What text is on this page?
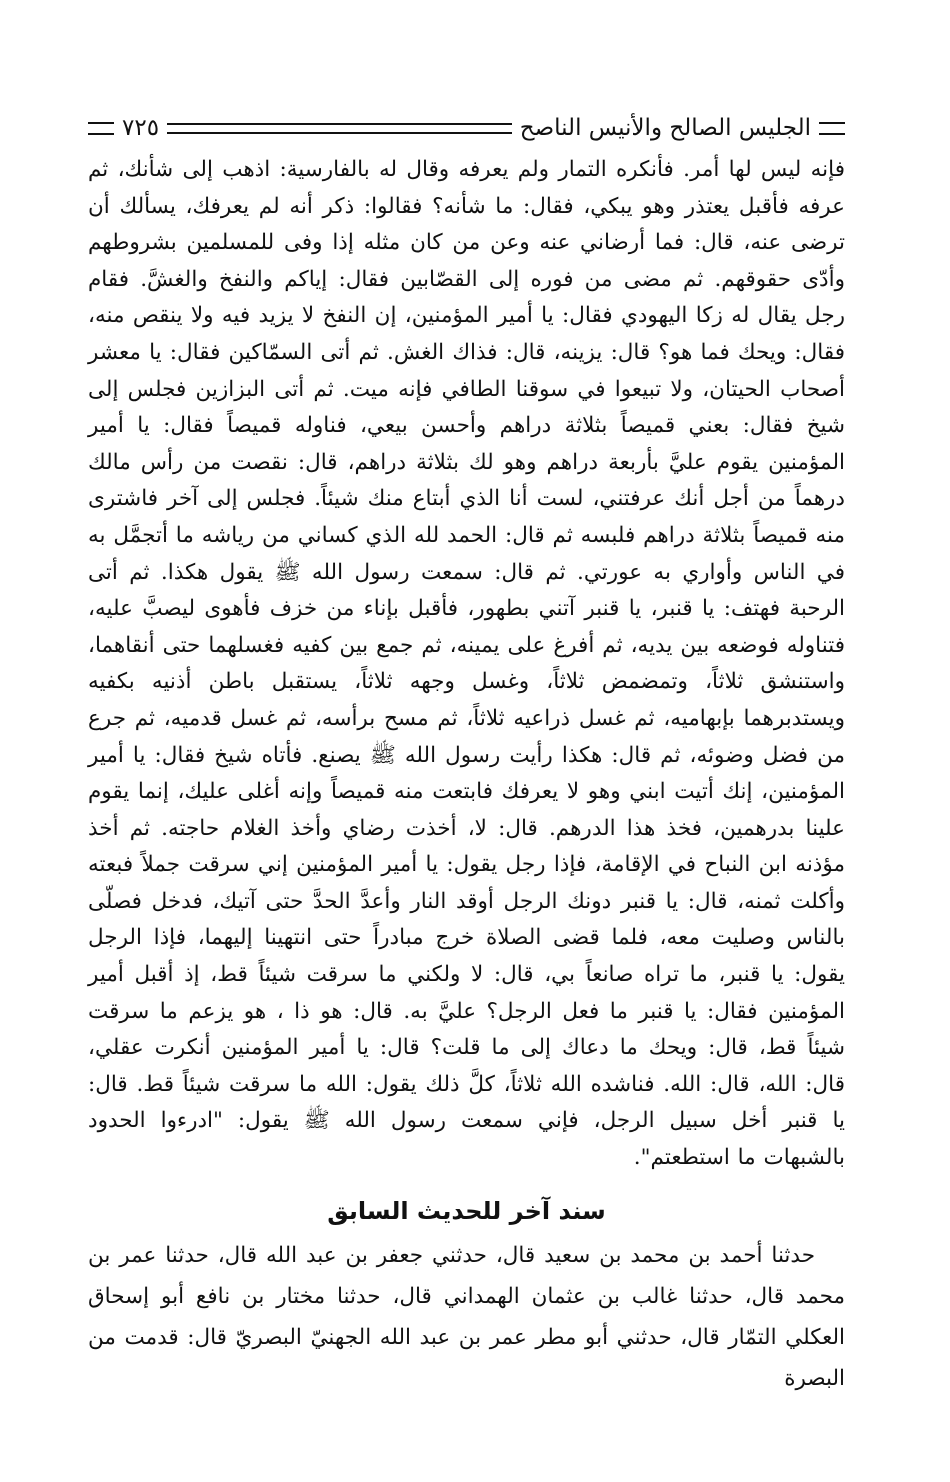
الجليس الصالح والأنيس الناصح
٧٢٥

فإنه ليس لها أمر. فأنكره التمار ولم يعرفه وقال له بالفارسية: اذهب إلى شأنك، ثم عرفه فأقبل يعتذر وهو يبكي، فقال: ما شأنه؟ فقالوا: ذكر أنه لم يعرفك، يسألك أن ترضى عنه، قال: فما أرضاني عنه وعن من كان مثله إذا وفى للمسلمين بشروطهم وأدّى حقوقهم. ثم مضى من فوره إلى القصّابين فقال: إياكم والنفخ والغشَّ. فقام رجل يقال له زكا اليهودي فقال: يا أمير المؤمنين، إن النفخ لا يزيد فيه ولا ينقص منه، فقال: ويحك فما هو؟ قال: يزينه، قال: فذاك الغش. ثم أتى السمّاكين فقال: يا معشر أصحاب الحيتان، ولا تبيعوا في سوقنا الطافي فإنه ميت. ثم أتى البزازين فجلس إلى شيخ فقال: بعني قميصاً بثلاثة دراهم وأحسن بيعي، فناوله قميصاً فقال: يا أمير المؤمنين يقوم عليَّ بأربعة دراهم وهو لك بثلاثة دراهم، قال: نقصت من رأس مالك درهماً من أجل أنك عرفتني، لست أنا الذي أبتاع منك شيئاً. فجلس إلى آخر فاشترى منه قميصاً بثلاثة دراهم فلبسه ثم قال: الحمد لله الذي كساني من رياشه ما أتجمَّل به في الناس وأواري به عورتي. ثم قال: سمعت رسول الله ﷺ يقول هكذا. ثم أتى الرحبة فهتف: يا قنبر، يا قنبر آتني بطهور، فأقبل بإناء من خزف فأهوى ليصبَّ عليه، فتناوله فوضعه بين يديه، ثم أفرغ على يمينه، ثم جمع بين كفيه فغسلهما حتى أنقاهما، واستنشق ثلاثاً، وتمضمض ثلاثاً، وغسل وجهه ثلاثاً، يستقبل باطن أذنيه بكفيه ويستدبرهما بإبهاميه، ثم غسل ذراعيه ثلاثاً، ثم مسح برأسه، ثم غسل قدميه، ثم جرع من فضل وضوئه، ثم قال: هكذا رأيت رسول الله ﷺ يصنع. فأتاه شيخ فقال: يا أمير المؤمنين، إنك أتيت ابني وهو لا يعرفك فابتعت منه قميصاً وإنه أغلى عليك، إنما يقوم علينا بدرهمين، فخذ هذا الدرهم. قال: لا، أخذت رضاي وأخذ الغلام حاجته. ثم أخذ مؤذنه ابن النباح في الإقامة، فإذا رجل يقول: يا أمير المؤمنين إني سرقت جملاً فبعته وأكلت ثمنه، قال: يا قنبر دونك الرجل أوقد النار وأعدَّ الحدَّ حتى آتيك، فدخل فصلّى بالناس وصليت معه، فلما قضى الصلاة خرج مبادراً حتى انتهينا إليهما، فإذا الرجل يقول: يا قنبر، ما تراه صانعاً بي، قال: لا ولكني ما سرقت شيئاً قط، إذ أقبل أمير المؤمنين فقال: يا قنبر ما فعل الرجل؟ عليَّ به. قال: هو ذا ، هو يزعم ما سرقت شيئاً قط، قال: ويحك ما دعاك إلى ما قلت؟ قال: يا أمير المؤمنين أنكرت عقلي، قال: الله، قال: الله. فناشده الله ثلاثاً، كلَّ ذلك يقول: الله ما سرقت شيئاً قط. قال: يا قنبر أخل سبيل الرجل، فإني سمعت رسول الله ﷺ يقول: "ادرءوا الحدود بالشبهات ما استطعتم".

سند آخر للحديث السابق

حدثنا أحمد بن محمد بن سعيد قال، حدثني جعفر بن عبد الله قال، حدثنا عمر بن محمد قال، حدثنا غالب بن عثمان الهمداني قال، حدثنا مختار بن نافع أبو إسحاق العكلي التمّار قال، حدثني أبو مطر عمر بن عبد الله الجهنيّ البصريّ قال: قدمت من البصرة
